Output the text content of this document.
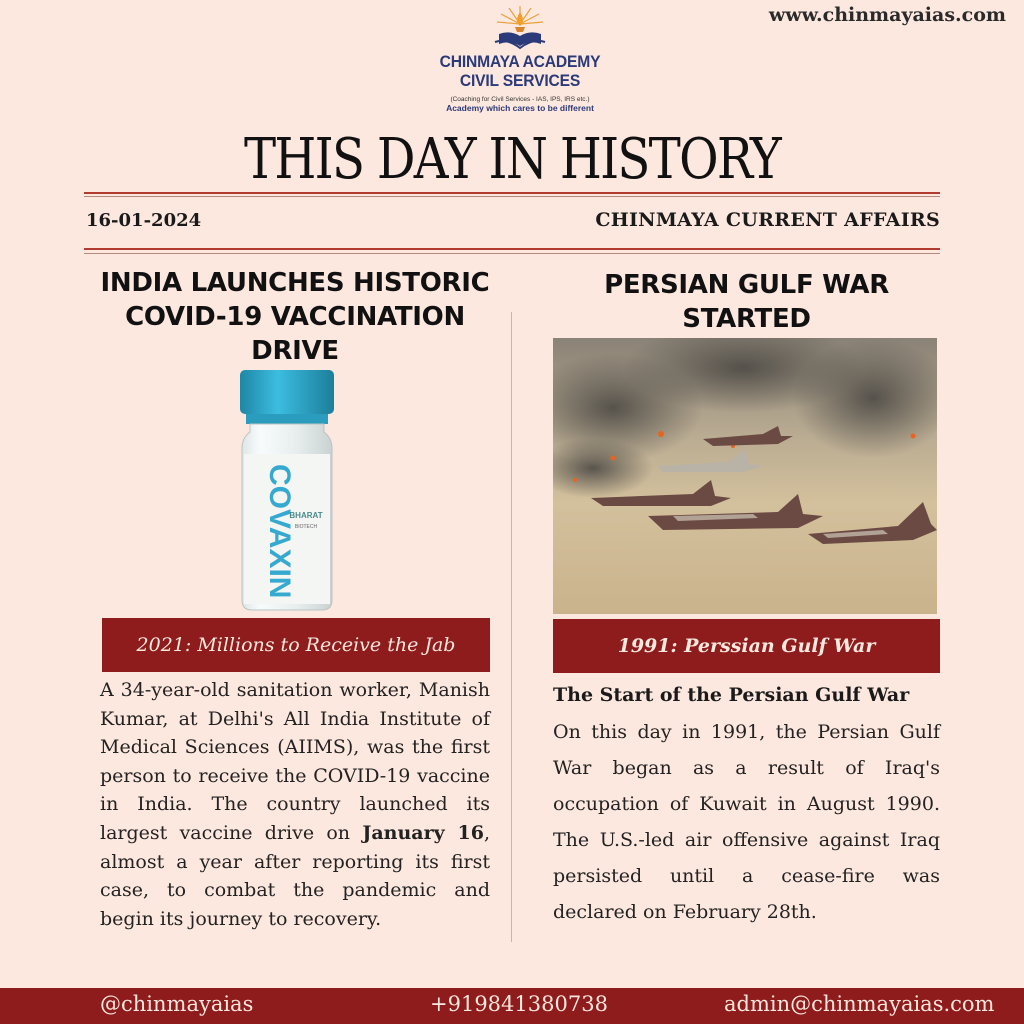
www.chinmayaias.com
CHINMAYA ACADEMY
CIVIL SERVICES
(Coaching for Civil Services - IAS, IPS, IRS etc.)
Academy which cares to be different
THIS DAY IN HISTORY
16-01-2024	CHINMAYA CURRENT AFFAIRS
INDIA LAUNCHES HISTORIC COVID-19 VACCINATION DRIVE
COVAXIN
BHARAT
BIOTECH
2021: Millions to Receive the Jab
A 34-year-old sanitation worker, Manish Kumar, at Delhi's All India Institute of Medical Sciences (AIIMS), was the first person to receive the COVID-19 vaccine in India. The country launched its largest vaccine drive on January 16, almost a year after reporting its first case, to combat the pandemic and begin its journey to recovery.
PERSIAN GULF WAR STARTED
1991: Perssian Gulf War
The Start of the Persian Gulf War
On this day in 1991, the Persian Gulf War began as a result of Iraq's occupation of Kuwait in August 1990. The U.S.-led air offensive against Iraq persisted until a cease-fire was declared on February 28th.
@chinmayaias	+919841380738	admin@chinmayaias.com
